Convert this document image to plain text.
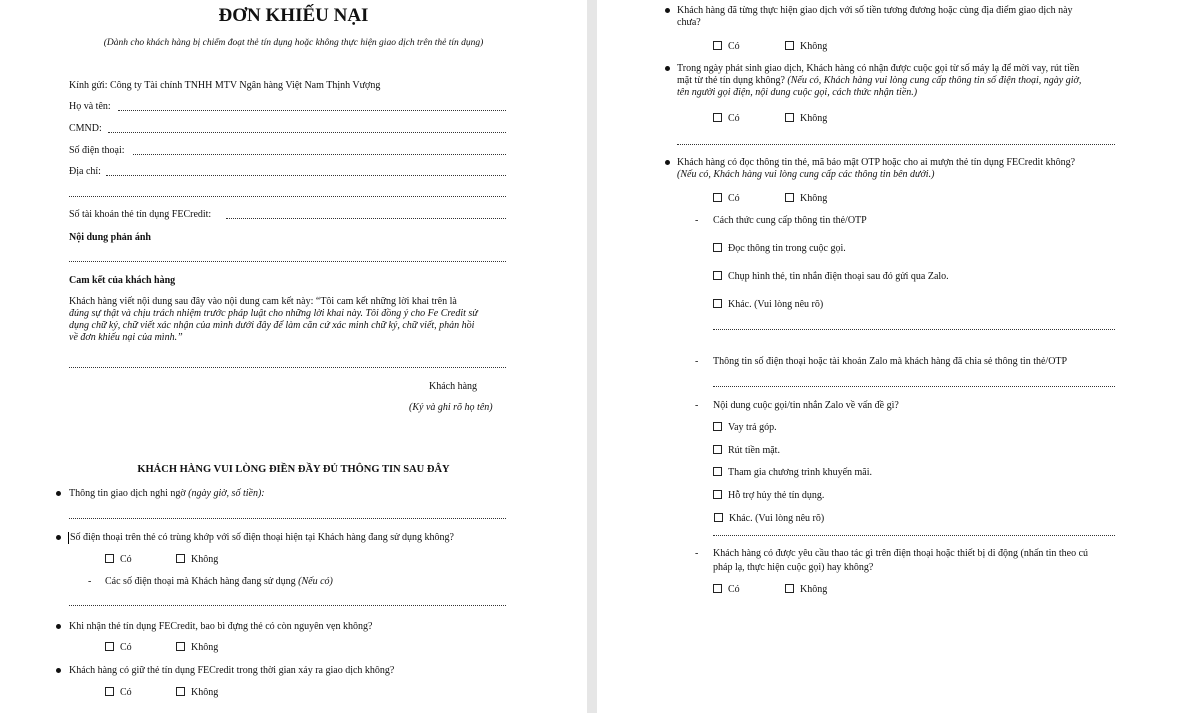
ĐƠN KHIẾU NẠI
(Dành cho khách hàng bị chiếm đoạt thẻ tín dụng hoặc không thực hiện giao dịch trên thẻ tín dụng)
Kính gửi: Công ty Tài chính TNHH MTV Ngân hàng Việt Nam Thịnh Vượng
Họ và tên:
CMND:
Số điện thoại:
Địa chỉ:
Số tài khoản thẻ tín dụng FECredit:
Nội dung phản ánh
Cam kết của khách hàng
Khách hàng viết nội dung sau đây vào nội dung cam kết này: “Tôi cam kết những lời khai trên là
đúng sự thật và chịu trách nhiệm trước pháp luật cho những lời khai này. Tôi đồng ý cho Fe Credit sử
dụng chữ ký, chữ viết xác nhận của mình dưới đây để làm căn cứ xác minh chữ ký, chữ viết, phản hồi
về đơn khiếu nại của mình.”
Khách hàng
(Ký và ghi rõ họ tên)
KHÁCH HÀNG VUI LÒNG ĐIỀN ĐẦY ĐỦ THÔNG TIN SAU ĐÂY
Thông tin giao dịch nghi ngờ (ngày giờ, số tiền):
Số điện thoại trên thẻ có trùng khớp với số điện thoại hiện tại Khách hàng đang sử dụng không?
Có	Không
- Các số điện thoại mà Khách hàng đang sử dụng (Nếu có)
Khi nhận thẻ tín dụng FECredit, bao bì đựng thẻ có còn nguyên vẹn không?
Có	Không
Khách hàng có giữ thẻ tín dụng FECredit trong thời gian xảy ra giao dịch không?
Có	Không
Khách hàng đã từng thực hiện giao dịch với số tiền tương đương hoặc cùng địa điểm giao dịch này
chưa?
Có	Không
Trong ngày phát sinh giao dịch, Khách hàng có nhận được cuộc gọi từ số máy lạ để mời vay, rút tiền
mặt từ thẻ tín dụng không? (Nếu có, Khách hàng vui lòng cung cấp thông tin số điện thoại, ngày giờ,
tên người gọi điện, nội dung cuộc gọi, cách thức nhận tiền.)
Có	Không
Khách hàng có đọc thông tin thẻ, mã bảo mật OTP hoặc cho ai mượn thẻ tín dụng FECredit không?
(Nếu có, Khách hàng vui lòng cung cấp các thông tin bên dưới.)
Có	Không
- Cách thức cung cấp thông tin thẻ/OTP
Đọc thông tin trong cuộc gọi.
Chụp hình thẻ, tin nhắn điện thoại sau đó gửi qua Zalo.
Khác. (Vui lòng nêu rõ)
- Thông tin số điện thoại hoặc tài khoản Zalo mà khách hàng đã chia sẻ thông tin thẻ/OTP
- Nội dung cuộc gọi/tin nhắn Zalo về vấn đề gì?
Vay trả góp.
Rút tiền mặt.
Tham gia chương trình khuyến mãi.
Hỗ trợ hủy thẻ tín dụng.
Khác. (Vui lòng nêu rõ)
- Khách hàng có được yêu cầu thao tác gì trên điện thoại hoặc thiết bị di động (nhấn tin theo cú
pháp lạ, thực hiện cuộc gọi) hay không?
Có	Không
